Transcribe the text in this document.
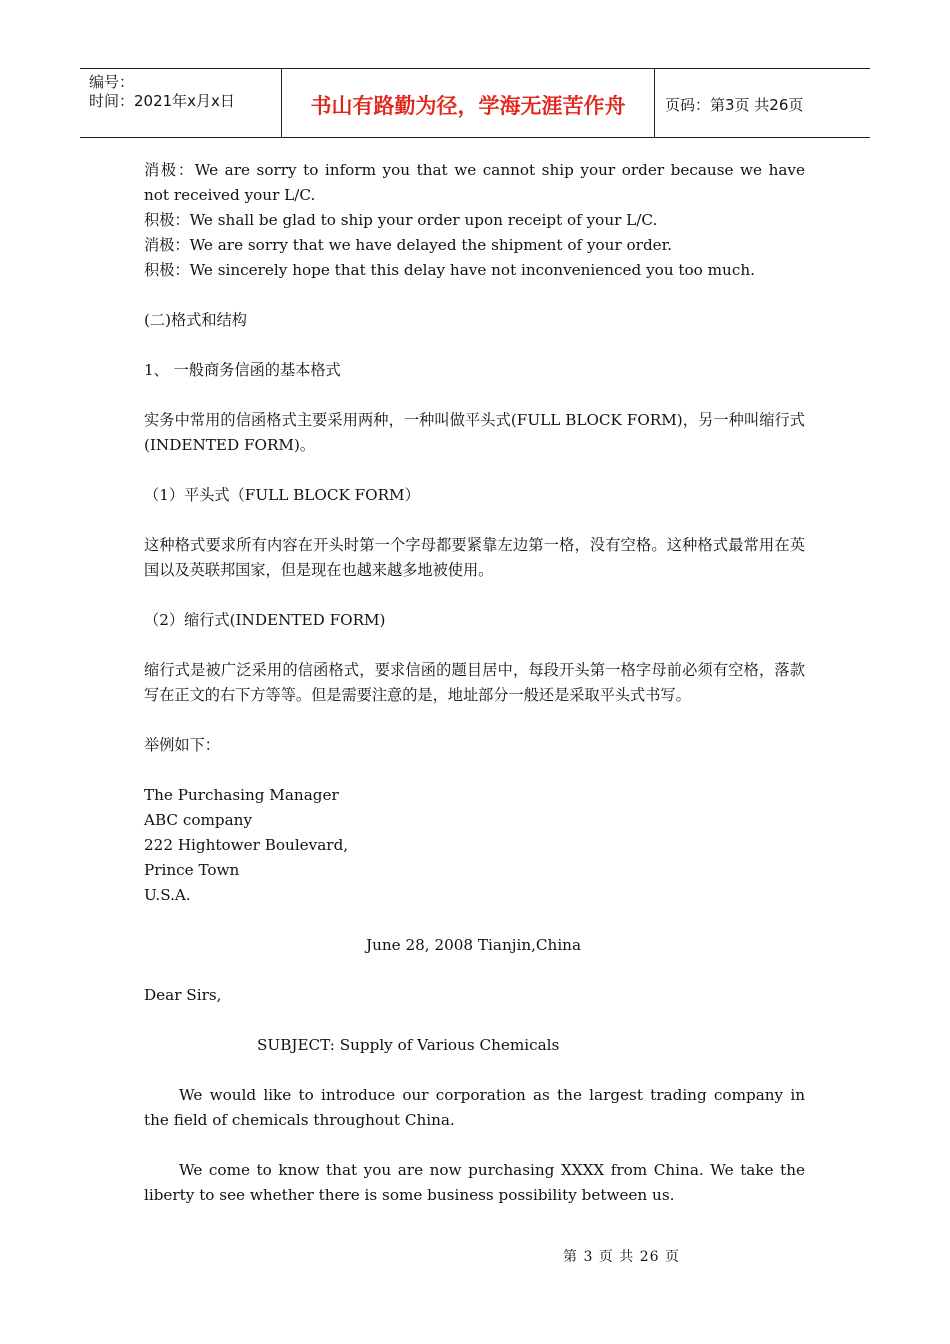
编号：
时间：2021年x月x日	书山有路勤为径，学海无涯苦作舟	页码：第3页 共26页

消极：We are sorry to inform you that we cannot ship your order because we have not received your L/C.

积极：We shall be glad to ship your order upon receipt of your L/C.

消极：We are sorry that we have delayed the shipment of your order.

积极：We sincerely hope that this delay have not inconvenienced you too much.

(二)格式和结构

1、 一般商务信函的基本格式

实务中常用的信函格式主要采用两种，一种叫做平头式(FULL BLOCK FORM)，另一种叫缩行式(INDENTED FORM)。

（1）平头式（FULL BLOCK FORM）

这种格式要求所有内容在开头时第一个字母都要紧靠左边第一格，没有空格。这种格式最常用在英国以及英联邦国家，但是现在也越来越多地被使用。

（2）缩行式(INDENTED FORM)

缩行式是被广泛采用的信函格式，要求信函的题目居中，每段开头第一格字母前必须有空格，落款写在正文的右下方等等。但是需要注意的是，地址部分一般还是采取平头式书写。

举例如下：

The Purchasing Manager

ABC company

222 Hightower Boulevard,

Prince Town

U.S.A.

June 28, 2008 Tianjin,China

Dear Sirs,

SUBJECT: Supply of Various Chemicals

We would like to introduce our corporation as the largest trading company in the field of chemicals throughout China.

We come to know that you are now purchasing XXXX from China. We take the liberty to see whether there is some business possibility between us.

第 3 页 共 26 页
